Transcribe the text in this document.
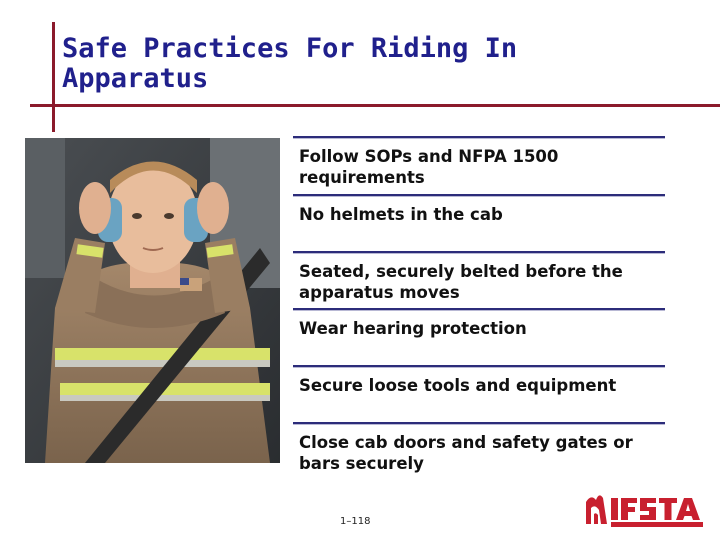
Safe Practices For Riding In Apparatus
Follow SOPs and NFPA 1500 requirements
No helmets in the cab
Seated, securely belted before the apparatus moves
Wear hearing protection
Secure loose tools and equipment
Close cab doors and safety gates or bars securely
1–118
